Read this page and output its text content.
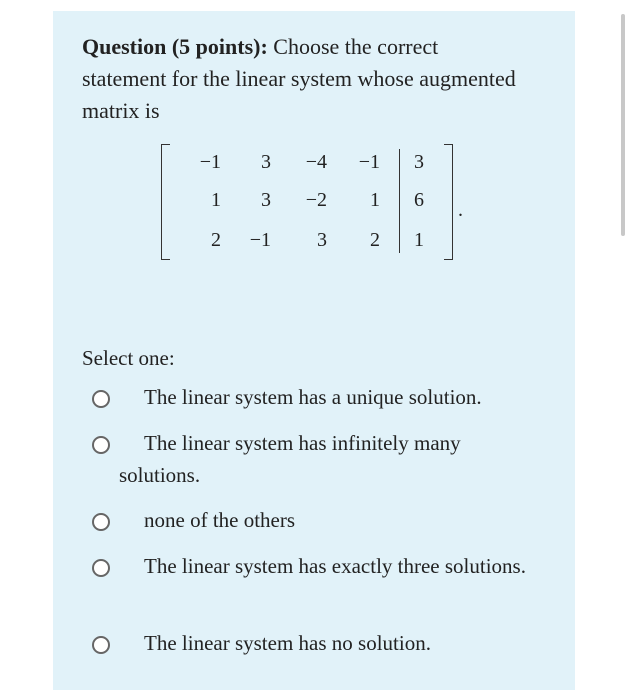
Question (5 points): Choose the correct statement for the linear system whose augmented matrix is
−1	3	−4	−1	3
1	3	−2	1	6
2	−1	3	2	1
.
Select one:
The linear system has a unique solution.
The linear system has infinitely many solutions.
none of the others
The linear system has exactly three solutions.
The linear system has no solution.
